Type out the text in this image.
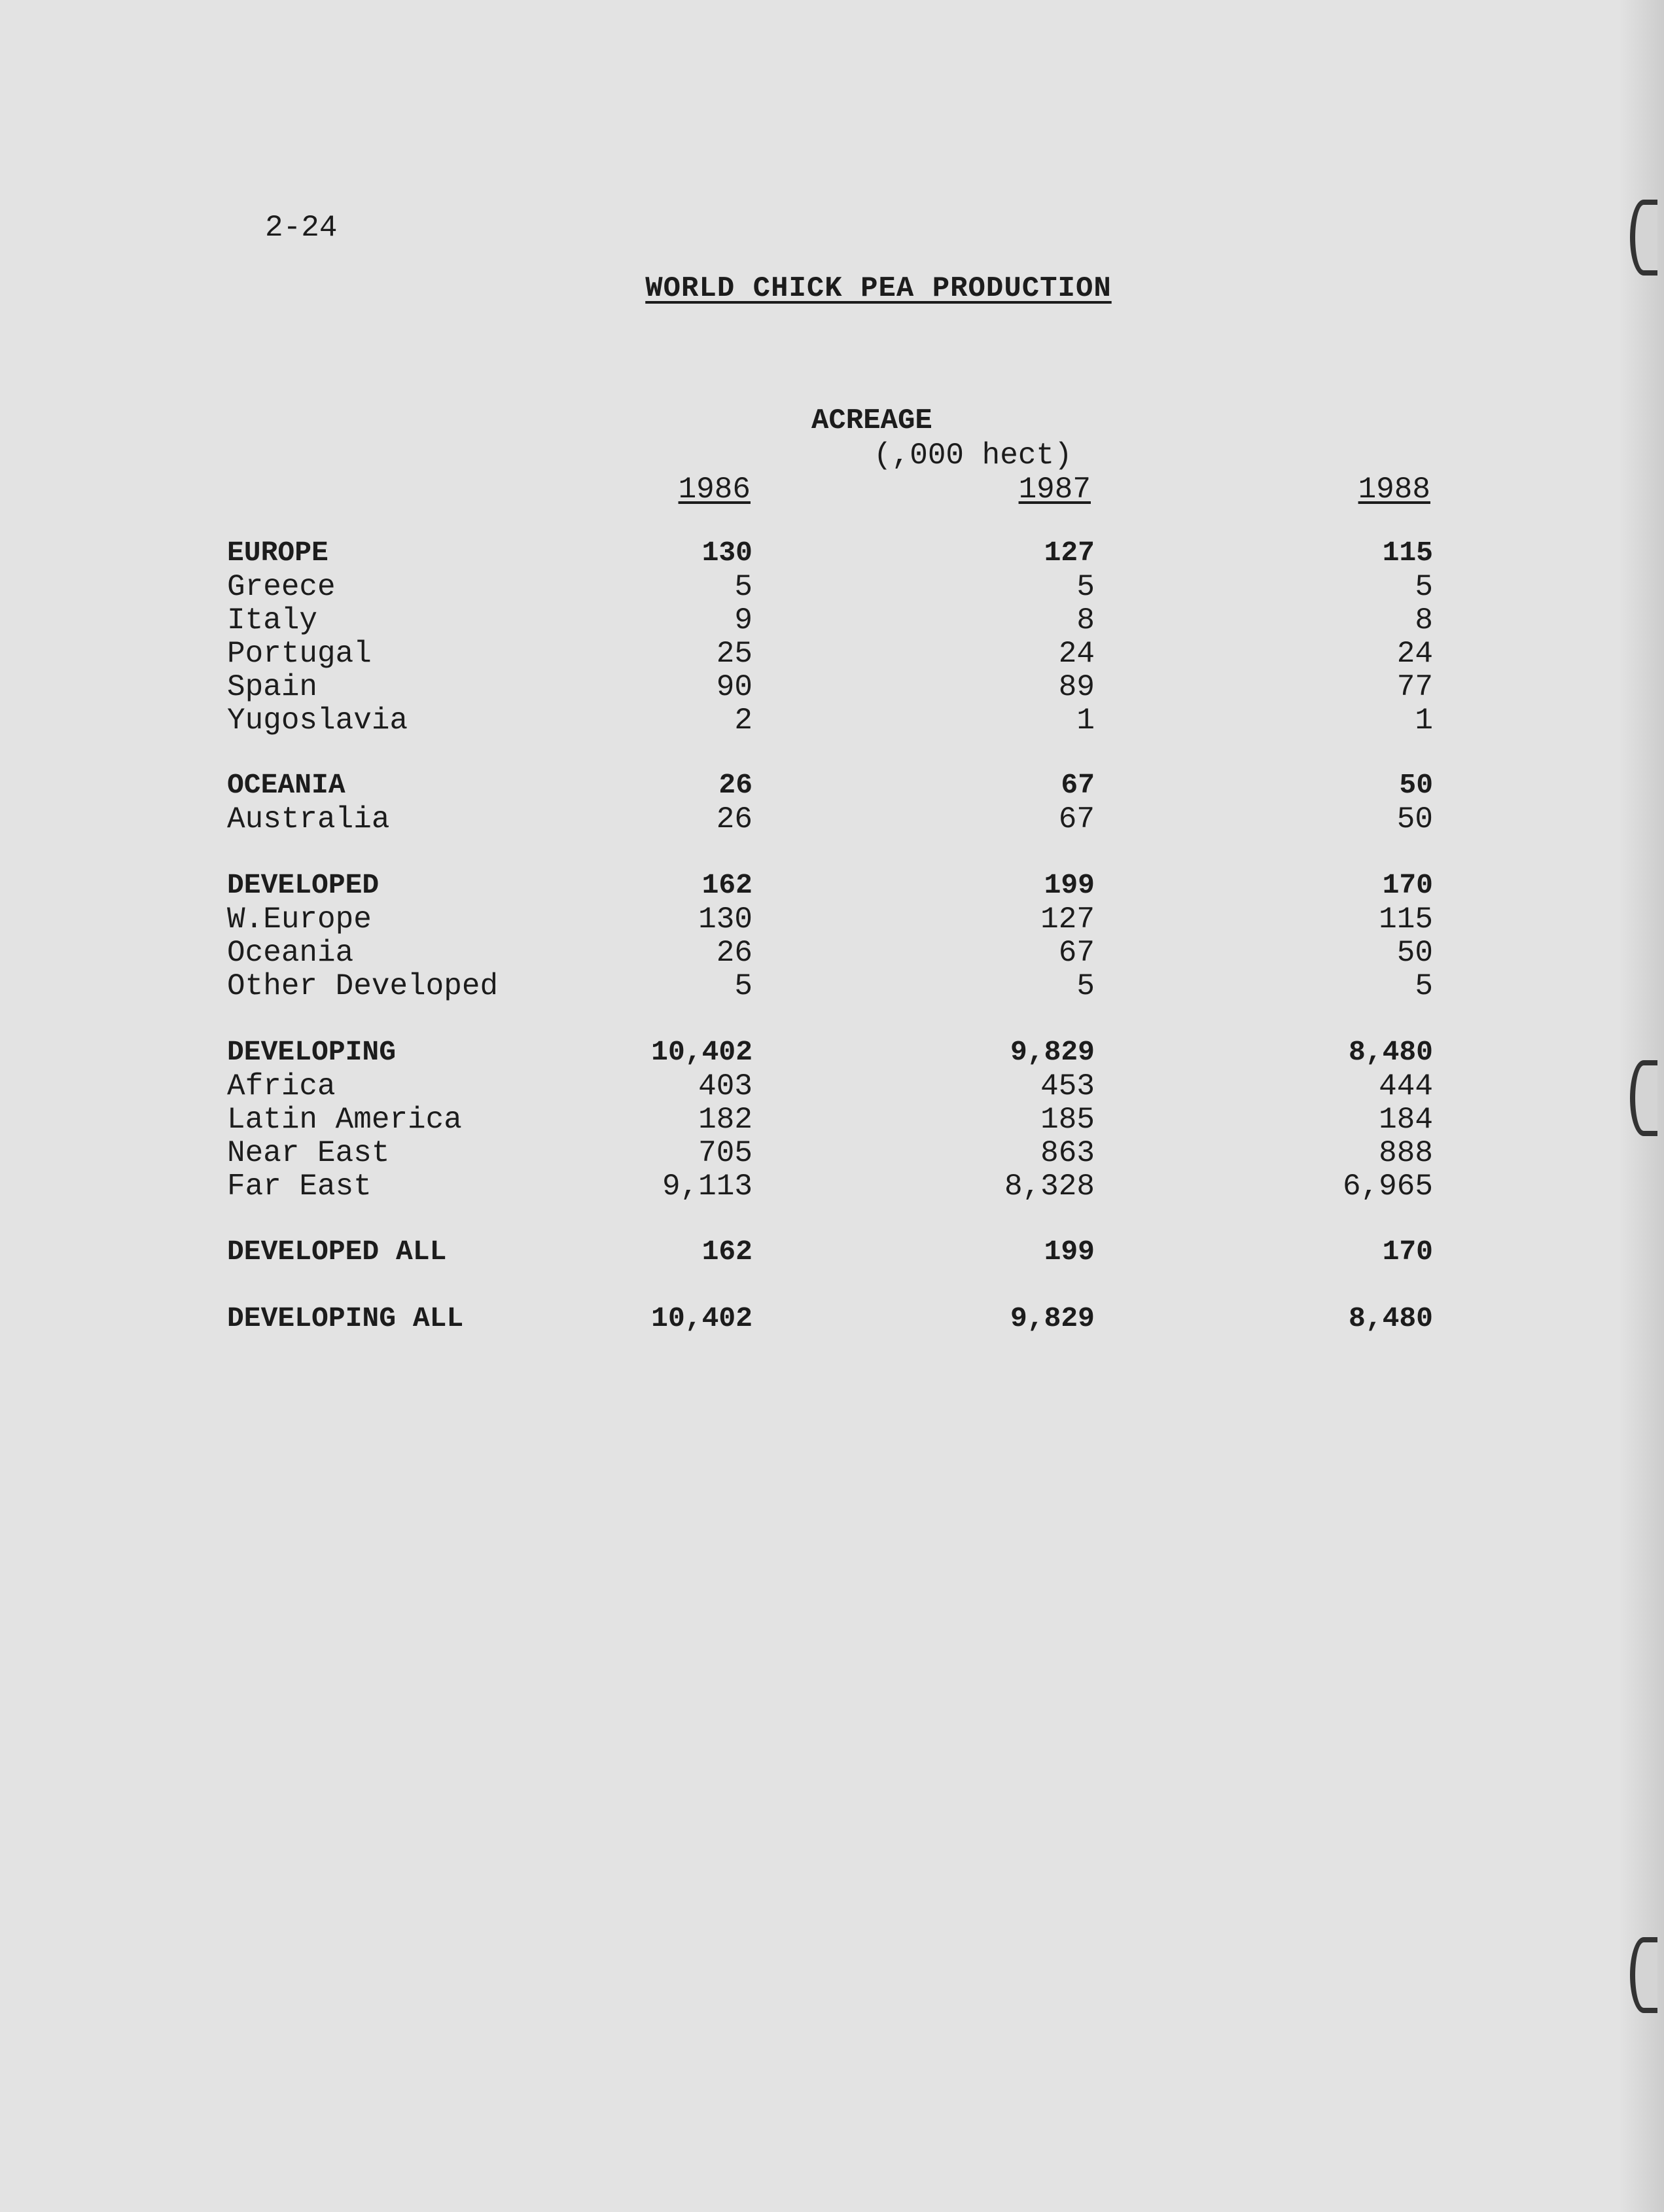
2-24
WORLD CHICK PEA PRODUCTION
ACREAGE
(,000 hect)
1986	1987	1988
EUROPE	130	127	115
Greece	5	5	5
Italy	9	8	8
Portugal	25	24	24
Spain	90	89	77
Yugoslavia	2	1	1
OCEANIA	26	67	50
Australia	26	67	50
DEVELOPED	162	199	170
W.Europe	130	127	115
Oceania	26	67	50
Other Developed	5	5	5
DEVELOPING	10,402	9,829	8,480
Africa	403	453	444
Latin America	182	185	184
Near East	705	863	888
Far East	9,113	8,328	6,965
DEVELOPED ALL	162	199	170
DEVELOPING ALL	10,402	9,829	8,480
